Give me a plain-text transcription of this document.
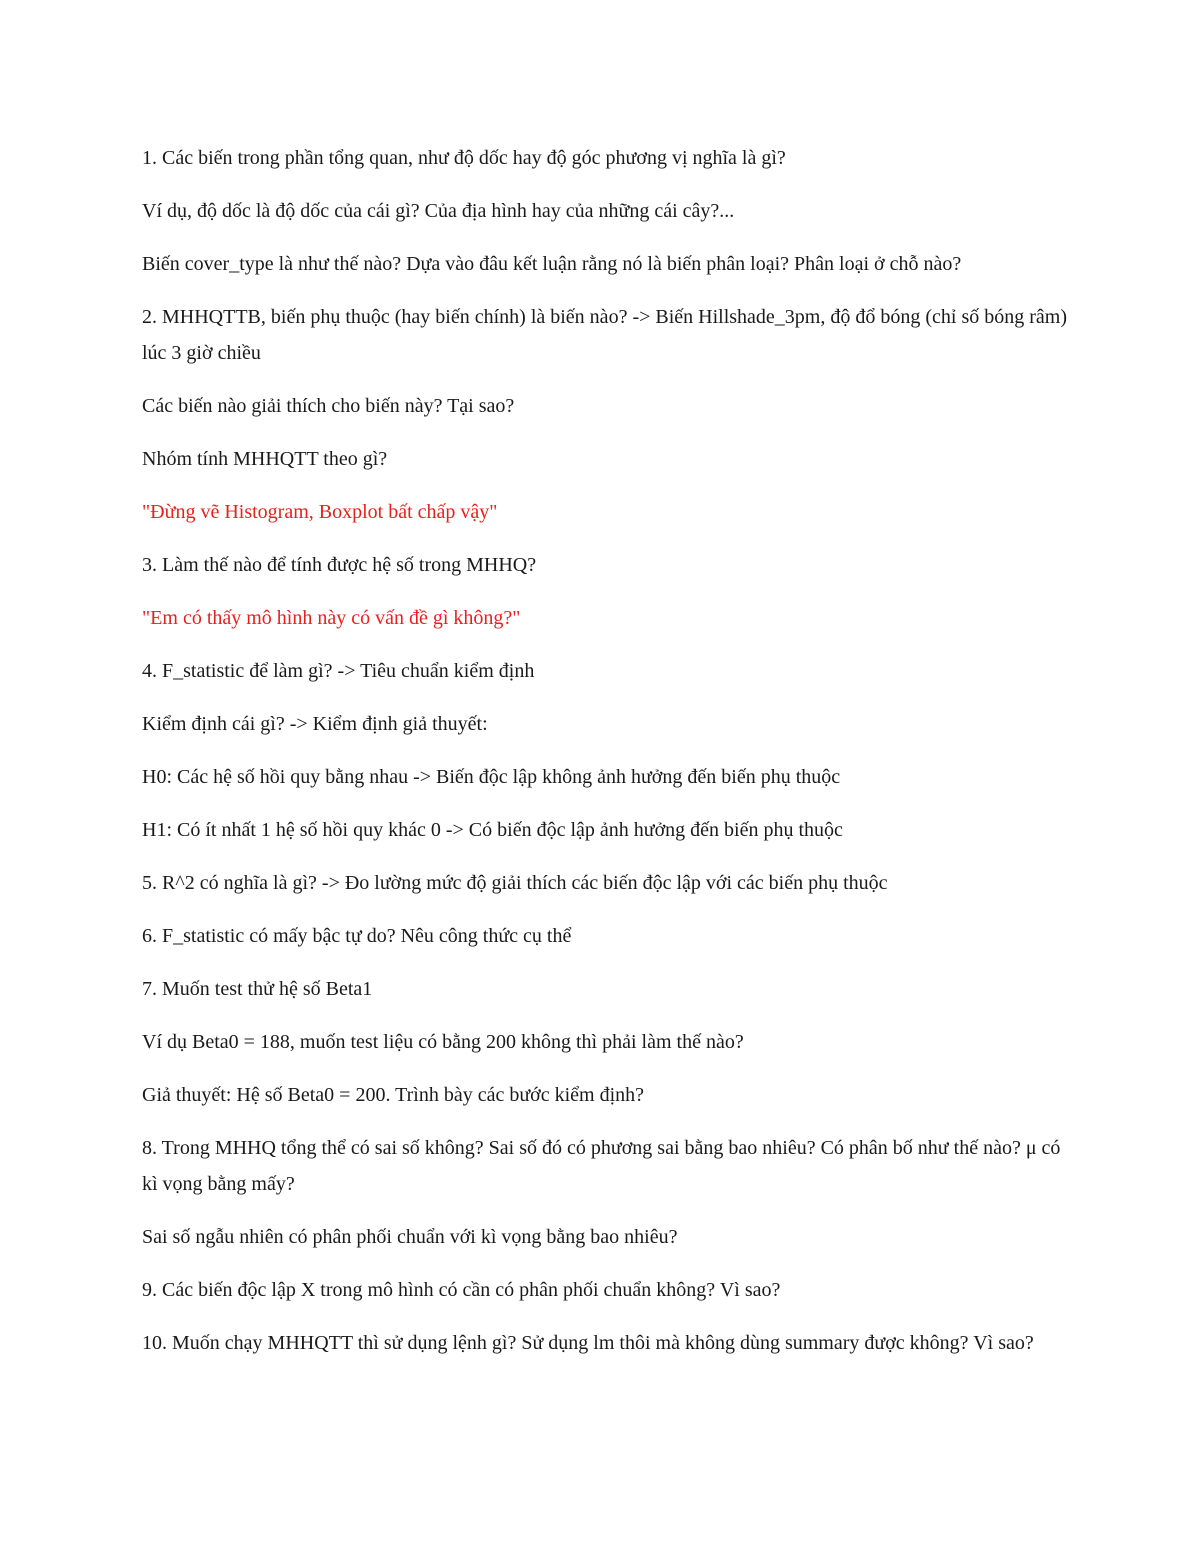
1. Các biến trong phần tổng quan, như độ dốc hay độ góc phương vị nghĩa là gì?

Ví dụ, độ dốc là độ dốc của cái gì? Của địa hình hay của những cái cây?...

Biến cover_type là như thế nào? Dựa vào đâu kết luận rằng nó là biến phân loại? Phân loại ở chỗ nào?

2. MHHQTTB, biến phụ thuộc (hay biến chính) là biến nào? -> Biến Hillshade_3pm, độ đổ bóng (chỉ số bóng râm) lúc 3 giờ chiều

Các biến nào giải thích cho biến này? Tại sao?

Nhóm tính MHHQTT theo gì?

"Đừng vẽ Histogram, Boxplot bất chấp vậy"

3. Làm thế nào để tính được hệ số trong MHHQ?

"Em có thấy mô hình này có vấn đề gì không?"

4. F_statistic để làm gì? -> Tiêu chuẩn kiểm định

Kiểm định cái gì? -> Kiểm định giả thuyết:

H0: Các hệ số hồi quy bằng nhau -> Biến độc lập không ảnh hưởng đến biến phụ thuộc

H1: Có ít nhất 1 hệ số hồi quy khác 0 -> Có biến độc lập ảnh hưởng đến biến phụ thuộc

5. R^2 có nghĩa là gì? -> Đo lường mức độ giải thích các biến độc lập với các biến phụ thuộc

6. F_statistic có mấy bậc tự do? Nêu công thức cụ thể

7. Muốn test thử hệ số Beta1

Ví dụ Beta0 = 188, muốn test liệu có bằng 200 không thì phải làm thế nào?

Giả thuyết: Hệ số Beta0 = 200. Trình bày các bước kiểm định?

8. Trong MHHQ tổng thể có sai số không? Sai số đó có phương sai bằng bao nhiêu? Có phân bố như thế nào? μ có kì vọng bằng mấy?

Sai số ngẫu nhiên có phân phối chuẩn với kì vọng bằng bao nhiêu?

9. Các biến độc lập X trong mô hình có cần có phân phối chuẩn không? Vì sao?

10. Muốn chạy MHHQTT thì sử dụng lệnh gì? Sử dụng lm thôi mà không dùng summary được không? Vì sao?
